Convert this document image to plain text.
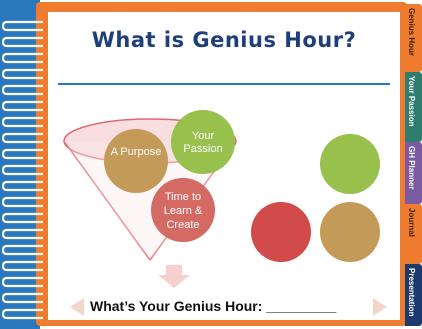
What is Genius Hour?
A Purpose
Your
Passion
Time to
Learn &
Create
What’s Your Genius Hour: _________
Genius Hour
Your Passion
GH Planner
Journal
Presentation
